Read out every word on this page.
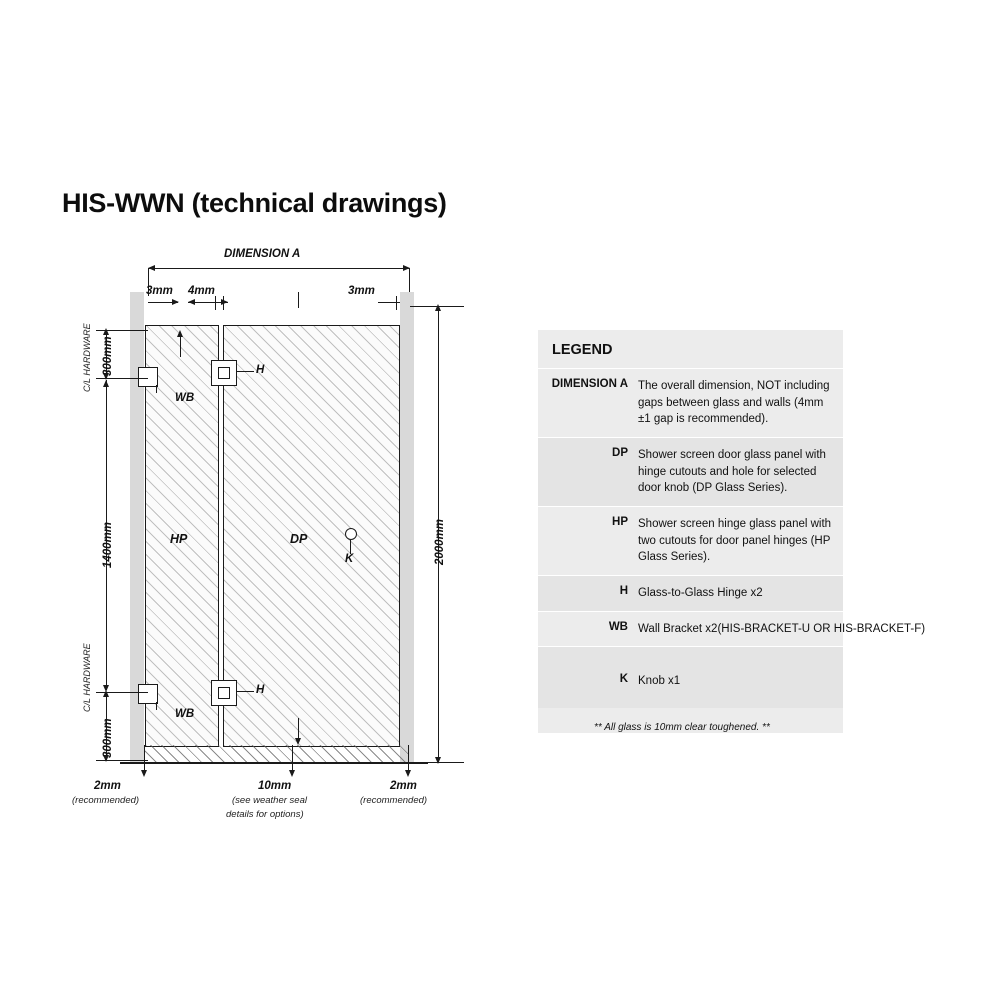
HIS-WWN (technical drawings)
DIMENSION A
3mm 4mm	3mm
HP	DP
H
H
WB
WB
K
300mm
C/L HARDWARE
1400mm
300mm
C/L HARDWARE
2000mm
2mm
(recommended)
10mm
(see weather seal
details for options)
2mm
(recommended)
LEGEND
DIMENSION A The overall dimension, NOT including gaps between glass and walls (4mm ±1 gap is recommended).
DP Shower screen door glass panel with hinge cutouts and hole for selected door knob (DP Glass Series).
HP Shower screen hinge glass panel with two cutouts for door panel hinges (HP Glass Series).
H Glass-to-Glass Hinge x2
WB Wall Bracket x2(HIS-BRACKET-U OR HIS-BRACKET-F)
K Knob x1
** All glass is 10mm clear toughened. **
